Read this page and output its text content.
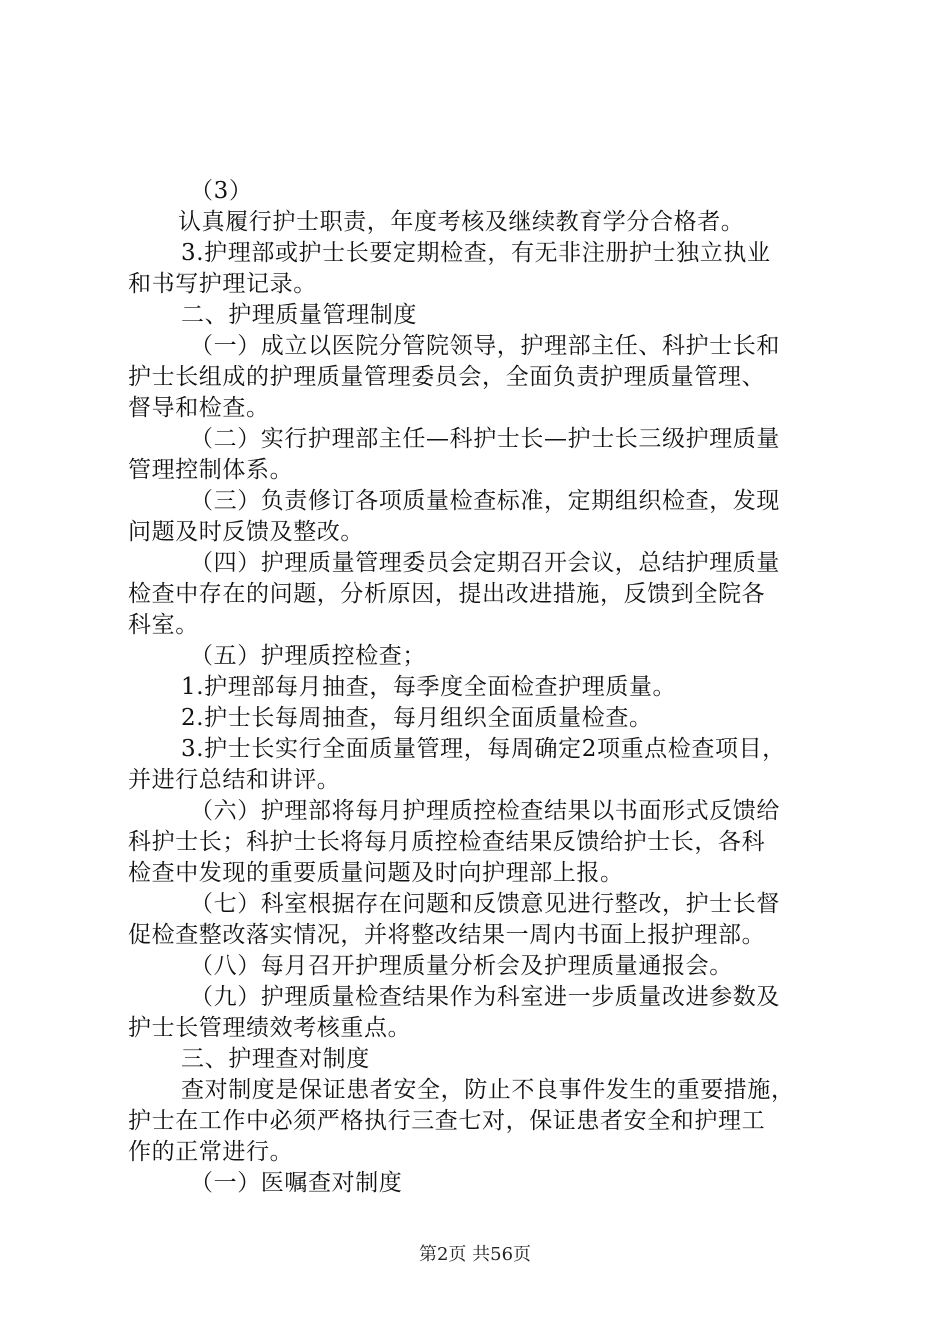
（3）
认真履行护士职责，年度考核及继续教育学分合格者。
3.护理部或护士长要定期检查，有无非注册护士独立执业
和书写护理记录。
二、护理质量管理制度
（一）成立以医院分管院领导，护理部主任、科护士长和
护士长组成的护理质量管理委员会，全面负责护理质量管理、
督导和检查。
（二）实行护理部主任—科护士长—护士长三级护理质量
管理控制体系。
（三）负责修订各项质量检查标准，定期组织检查，发现
问题及时反馈及整改。
（四）护理质量管理委员会定期召开会议，总结护理质量
检查中存在的问题，分析原因，提出改进措施，反馈到全院各
科室。
（五）护理质控检查；
1.护理部每月抽查，每季度全面检查护理质量。
2.护士长每周抽查，每月组织全面质量检查。
3.护士长实行全面质量管理，每周确定2项重点检查项目，
并进行总结和讲评。
（六）护理部将每月护理质控检查结果以书面形式反馈给
科护士长；科护士长将每月质控检查结果反馈给护士长，各科
检查中发现的重要质量问题及时向护理部上报。
（七）科室根据存在问题和反馈意见进行整改，护士长督
促检查整改落实情况，并将整改结果一周内书面上报护理部。
（八）每月召开护理质量分析会及护理质量通报会。
（九）护理质量检查结果作为科室进一步质量改进参数及
护士长管理绩效考核重点。
三、护理查对制度
查对制度是保证患者安全，防止不良事件发生的重要措施，
护士在工作中必须严格执行三查七对，保证患者安全和护理工
作的正常进行。
（一）医嘱查对制度
第2页 共56页
